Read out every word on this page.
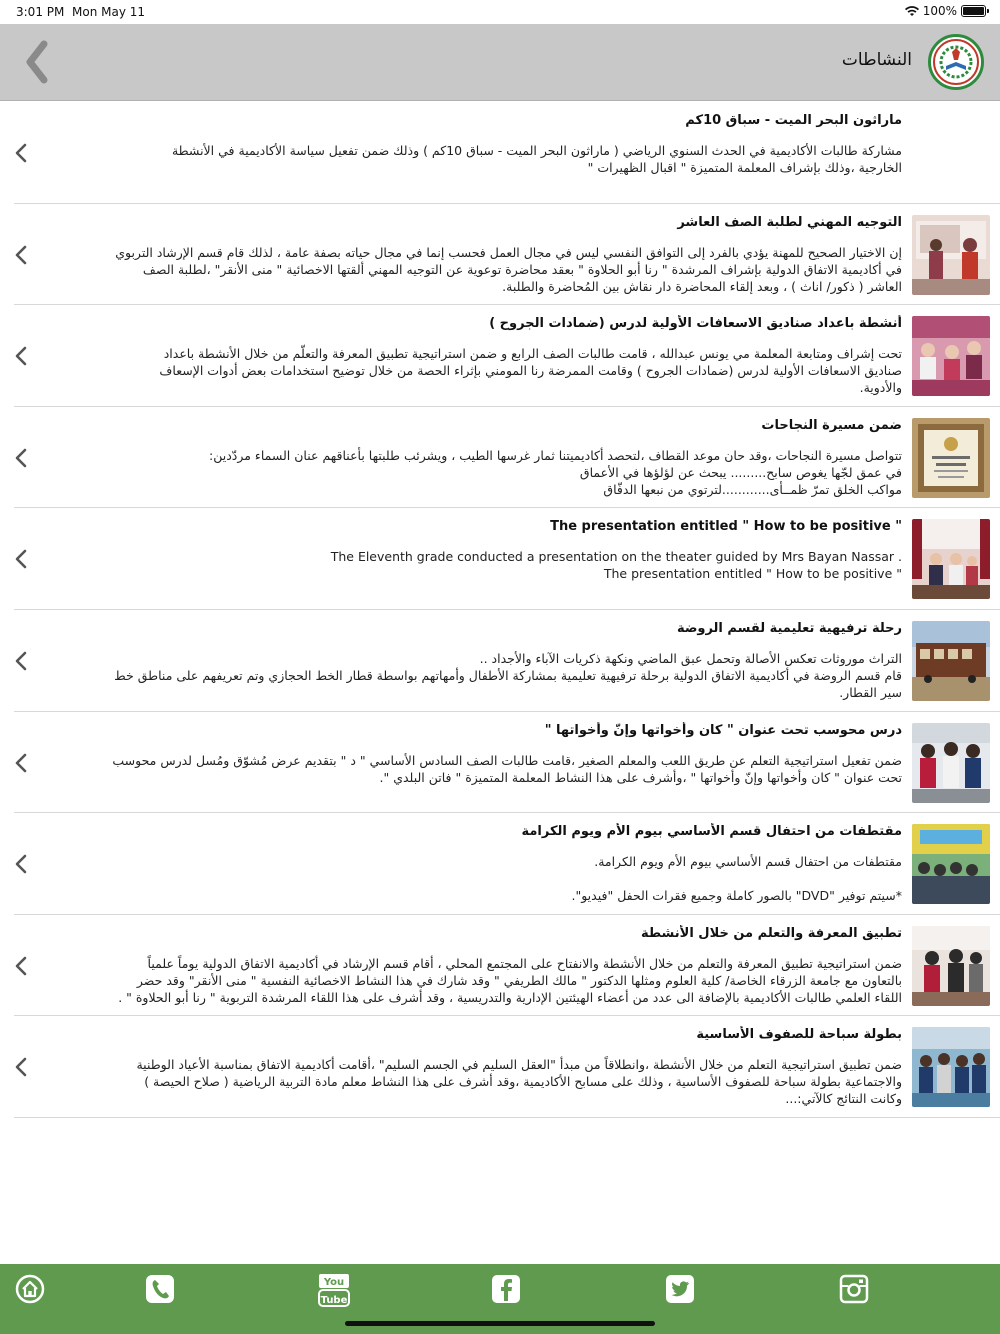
3:01 PM Mon May 11	100%
النشاطات
ماراثون البحر الميت - سباق 10كم
مشاركة طالبات الأكاديمية في الحدث السنوي الرياضي ( ماراثون البحر الميت - سباق 10كم ) وذلك ضمن تفعيل سياسة الأكاديمية في الأنشطة
الخارجية ،وذلك بإشراف المعلمة المتميزة " اقبال الظهيرات "
التوجيه المهني لطلبة الصف العاشر
إن الاختيار الصحيح للمهنة يؤدي بالفرد إلى التوافق النفسي ليس في مجال العمل فحسب إنما في مجال حياته بصفة عامة ، لذلك قام قسم الإرشاد التربوي
في أكاديمية الاتفاق الدولية بإشراف المرشدة " رنا أبو الحلاوة " بعقد محاضرة توعوية عن التوجيه المهني ألقتها الاخصائية " منى الأنقر" ،لطلبة الصف
العاشر ( ذكور/ اناث ) ، وبعد إلقاء المحاضرة دار نقاش بين المُحاضرة والطلبة.
أنشطة باعداد صناديق الاسعافات الأولية لدرس (ضمادات الجروح )
تحت إشراف ومتابعة المعلمة مي يونس عبدالله ، قامت طالبات الصف الرابع و ضمن استراتيجية تطبيق المعرفة والتعلّم من خلال الأنشطة باعداد
صناديق الاسعافات الأولية لدرس (ضمادات الجروح ) وقامت الممرضة رنا المومني بإثراء الحصة من خلال توضيح استخدامات بعض أدوات الإسعاف
والأدوية.
ضمن مسيرة النجاحات
تتواصل مسيرة النجاحات ،وقد حان موعد القطاف ،لتحصد أكاديميتنا ثمار غرسها الطيب ، ويشرئب طلبتها بأعناقهم عنان السماء مردّدين:
في عمق لجّها يغوص سابح......... يبحث عن لؤلؤها في الأعماق
مواكب الخلق تمرّ ظمــأى............لترتوي من نبعها الدفّاق
The presentation entitled " How to be positive "
The Eleventh grade conducted a presentation on the theater guided by Mrs Bayan Nassar .
The presentation entitled " How to be positive "
رحلة ترفيهية تعليمية لقسم الروضة
التراث موروثات تعكس الأصالة وتحمل عبق الماضي ونكهة ذكريات الآباء والأجداد ..
قام قسم الروضة في أكاديمية الاتفاق الدولية برحلة ترفيهية تعليمية بمشاركة الأطفال وأمهاتهم بواسطة قطار الخط الحجازي وتم تعريفهم على مناطق خط
سير القطار.
درس محوسب تحت عنوان " كان وأخواتها وإنّ وأخواتها "
ضمن تفعيل استراتيجية التعلم عن طريق اللعب والمعلم الصغير ،قامت طالبات الصف السادس الأساسي " د " بتقديم عرض مُشوّق ومُسل لدرس محوسب
تحت عنوان " كان وأخواتها وإنّ وأخواتها " ،وأشرف على هذا النشاط المعلمة المتميزة " فاتن البلدي ".
مقتطفات من احتفال قسم الأساسي بيوم الأم ويوم الكرامة
مقتطفات من احتفال قسم الأساسي بيوم الأم ويوم الكرامة.

*سيتم توفير "DVD" بالصور كاملة وجميع فقرات الحفل "فيديو".
تطبيق المعرفة والتعلم من خلال الأنشطة
ضمن استراتيجية تطبيق المعرفة والتعلم من خلال الأنشطة والانفتاح على المجتمع المحلي ، أقام قسم الإرشاد في أكاديمية الاتفاق الدولية يوماً علمياً
بالتعاون مع جامعة الزرقاء الخاصة/ كلية العلوم ومثلها الدكتور " مالك الطريفي " وقد شارك في هذا النشاط الاخصائية النفسية " منى الأنقر" وقد حضر
اللقاء العلمي طالبات الأكاديمية بالإضافة الى عدد من أعضاء الهيئتين الإدارية والتدريسية ، وقد أشرف على هذا اللقاء المرشدة التربوية " رنا أبو الحلاوة " .
بطولة سباحة للصفوف الأساسية
ضمن تطبيق استراتيجية التعلم من خلال الأنشطة ،وانطلاقاً من مبدأ "العقل السليم في الجسم السليم" ،أقامت أكاديمية الاتفاق بمناسبة الأعياد الوطنية
والاجتماعية بطولة سباحة للصفوف الأساسية ، وذلك على مسابح الأكاديمية ،وقد أشرف على هذا النشاط معلم مادة التربية الرياضية ( صلاح الحيصة )
وكانت النتائج كالآتي:...
You
Tube
